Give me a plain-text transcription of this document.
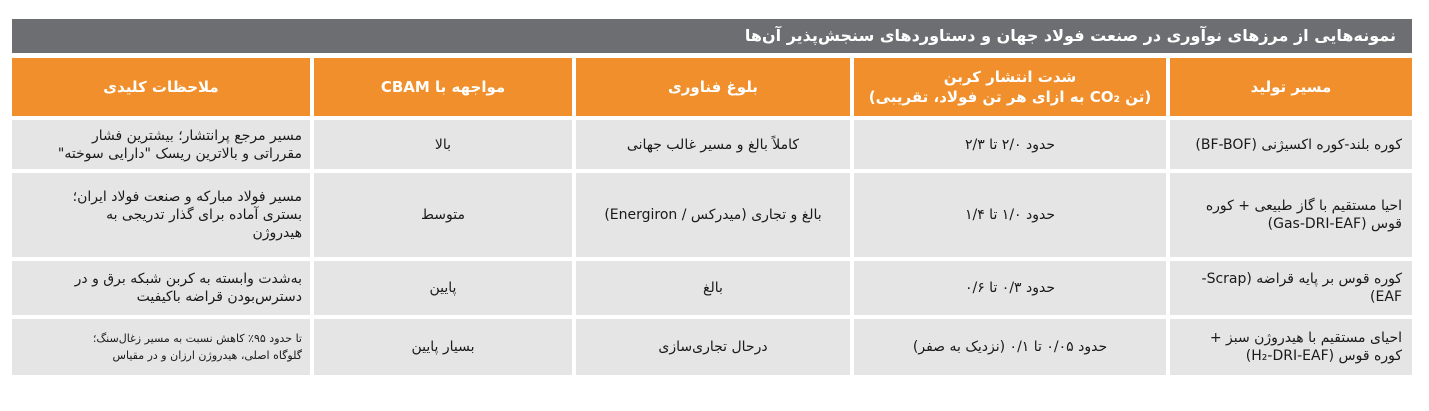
نمونه‌هایی از مرزهای نوآوری در صنعت فولاد جهان و دستاوردهای سنجش‌پذیر آن‌ها
مسیر تولید	شدت انتشار کربن
(تن CO₂ به ازای هر تن فولاد، تقریبی)	بلوغ فناوری	مواجهه با CBAM	ملاحظات کلیدی

کوره بلند-کوره اکسیژنی (BF-BOF)	حدود ۲/۰ تا ۲/۳	کاملاً بالغ و مسیر غالب جهانی	بالا	مسیر مرجع پرانتشار؛ بیشترین فشار
مقرراتی و بالاترین ریسک "دارایی سوخته"

احیا مستقیم با گاز طبیعی + کوره
قوس (Gas-DRI-EAF)	حدود ۱/۰ تا ۱/۴	بالغ و تجاری (میدرکس / Energiron)	متوسط	مسیر فولاد مبارکه و صنعت فولاد ایران؛
بستری آماده برای گذار تدریجی به
هیدروژن

کوره قوس بر پایه قراضه (Scrap-
EAF)	حدود ۰/۳ تا ۰/۶	بالغ	پایین	به‌شدت وابسته به کربن شبکه برق و در
دسترس‌بودن قراضه باکیفیت

احیای مستقیم با هیدروژن سبز +
کوره قوس (H₂-DRI-EAF)	حدود ۰/۰۵ تا ۰/۱ (نزدیک به صفر)	درحال تجاری‌سازی	بسیار پایین	تا حدود ۹۵٪ کاهش نسبت به مسیر زغال‌سنگ؛
گلوگاه اصلی، هیدروژن ارزان و در مقیاس
